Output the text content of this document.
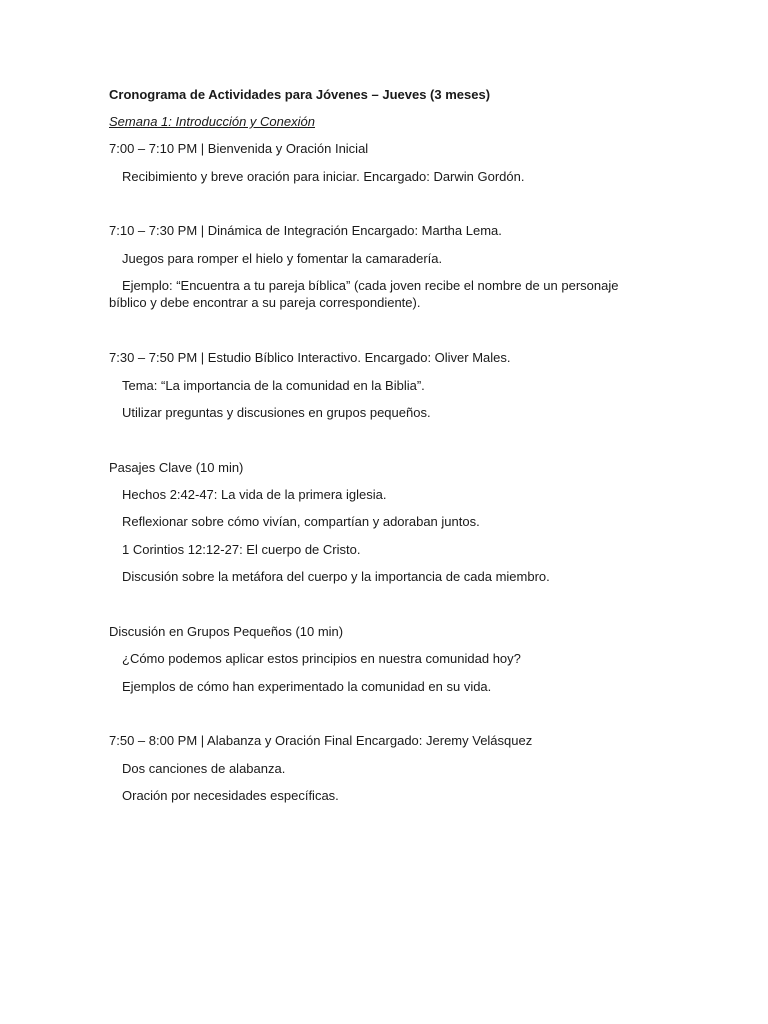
Cronograma de Actividades para Jóvenes – Jueves (3 meses)
Semana 1: Introducción y Conexión
7:00 – 7:10 PM | Bienvenida y Oración Inicial
Recibimiento y breve oración para iniciar. Encargado: Darwin Gordón.
7:10 – 7:30 PM | Dinámica de Integración Encargado: Martha Lema.
Juegos para romper el hielo y fomentar la camaradería.
Ejemplo: “Encuentra a tu pareja bíblica” (cada joven recibe el nombre de un personaje
bíblico y debe encontrar a su pareja correspondiente).
7:30 – 7:50 PM | Estudio Bíblico Interactivo. Encargado: Oliver Males.
Tema: “La importancia de la comunidad en la Biblia”.
Utilizar preguntas y discusiones en grupos pequeños.
Pasajes Clave (10 min)
Hechos 2:42-47: La vida de la primera iglesia.
Reflexionar sobre cómo vivían, compartían y adoraban juntos.
1 Corintios 12:12-27: El cuerpo de Cristo.
Discusión sobre la metáfora del cuerpo y la importancia de cada miembro.
Discusión en Grupos Pequeños (10 min)
¿Cómo podemos aplicar estos principios en nuestra comunidad hoy?
Ejemplos de cómo han experimentado la comunidad en su vida.
7:50 – 8:00 PM | Alabanza y Oración Final Encargado: Jeremy Velásquez
Dos canciones de alabanza.
Oración por necesidades específicas.
